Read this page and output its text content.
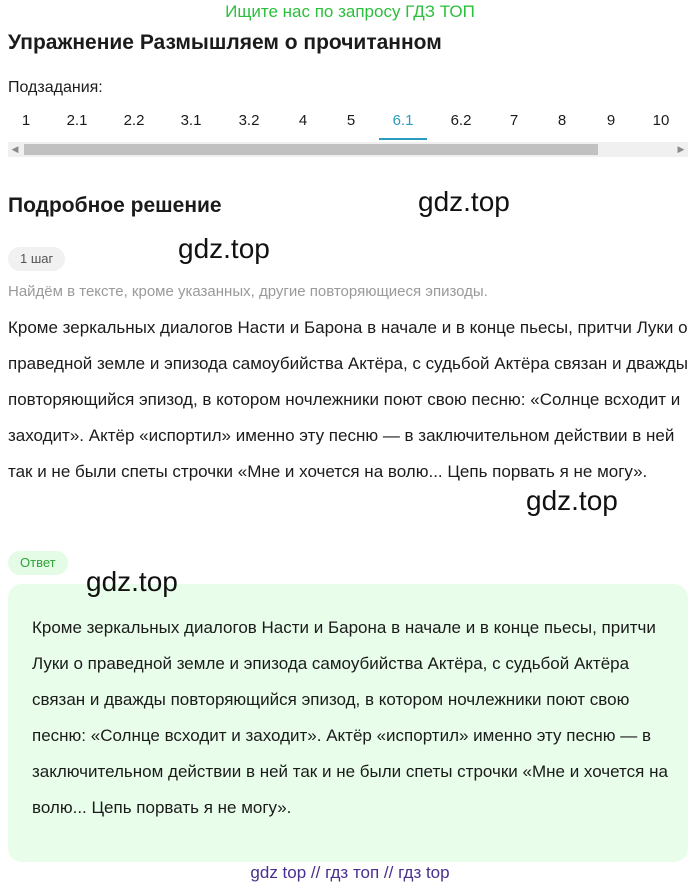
Ищите нас по запросу ГДЗ ТОП
Упражнение Размышляем о прочитанном
Подзадания:
1	2.1	2.2	3.1	3.2	4	5	6.1	6.2	7	8	9	10
◀	▶
Подробное решение	gdz.top
gdz.top
1 шаг
Найдём в тексте, кроме указанных, другие повторяющиеся эпизоды.
Кроме зеркальных диалогов Насти и Барона в начале и в конце пьесы, притчи Луки о праведной земле и эпизода самоубийства Актёра, с судьбой Актёра связан и дважды повторяющийся эпизод, в котором ночлежники поют свою песню: «Солнце всходит и заходит». Актёр «испортил» именно эту песню — в заключительном действии в ней так и не были спеты строчки «Мне и хочется на волю... Цепь порвать я не могу».
gdz.top
Ответ
Кроме зеркальных диалогов Насти и Барона в начале и в конце пьесы, притчи Луки о праведной земле и эпизода самоубийства Актёра, с судьбой Актёра связан и дважды повторяющийся эпизод, в котором ночлежники поют свою песню: «Солнце всходит и заходит». Актёр «испортил» именно эту песню — в заключительном действии в ней так и не были спеты строчки «Мне и хочется на волю... Цепь порвать я не могу».
gdz.top
gdz top // гдз топ // гдз top
